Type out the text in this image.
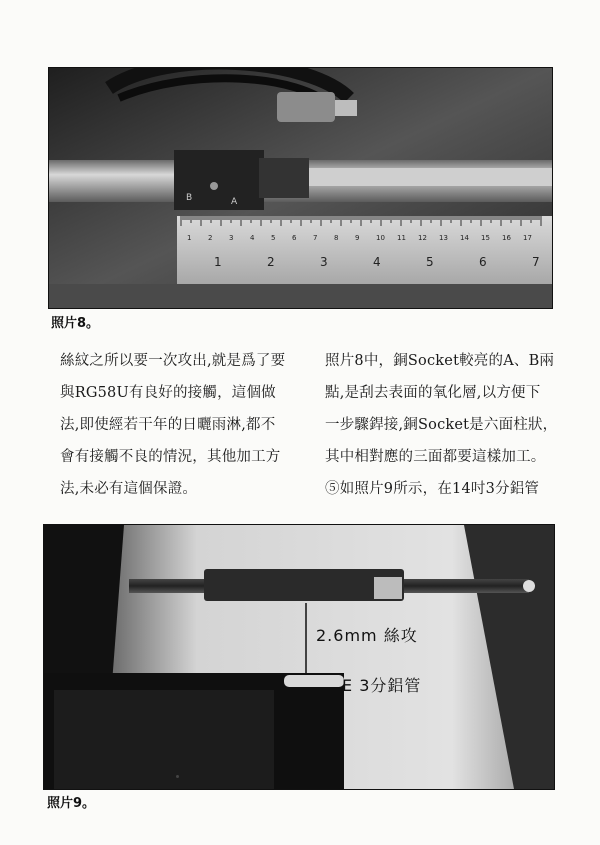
B	A
1 2 3 4 5 6 7 8 9 10 11 12 13 14 15 16 17
1	2	3	4	5	6	7
照片8。
絲紋之所以要一次攻出,就是爲了要
與RG58U有良好的接觸，這個做
法,即使經若干年的日曬雨淋,都不
會有接觸不良的情況，其他加工方
法,未必有這個保證。
照片8中，銅Socket較亮的A、B兩
點,是刮去表面的氧化層,以方便下
一步驟銲接,銅Socket是六面柱狀，
其中相對應的三面都要這樣加工。
⑤如照片9所示，在14吋3分鋁管
2.6mm 絲攻
E 3分鋁管
照片9。
